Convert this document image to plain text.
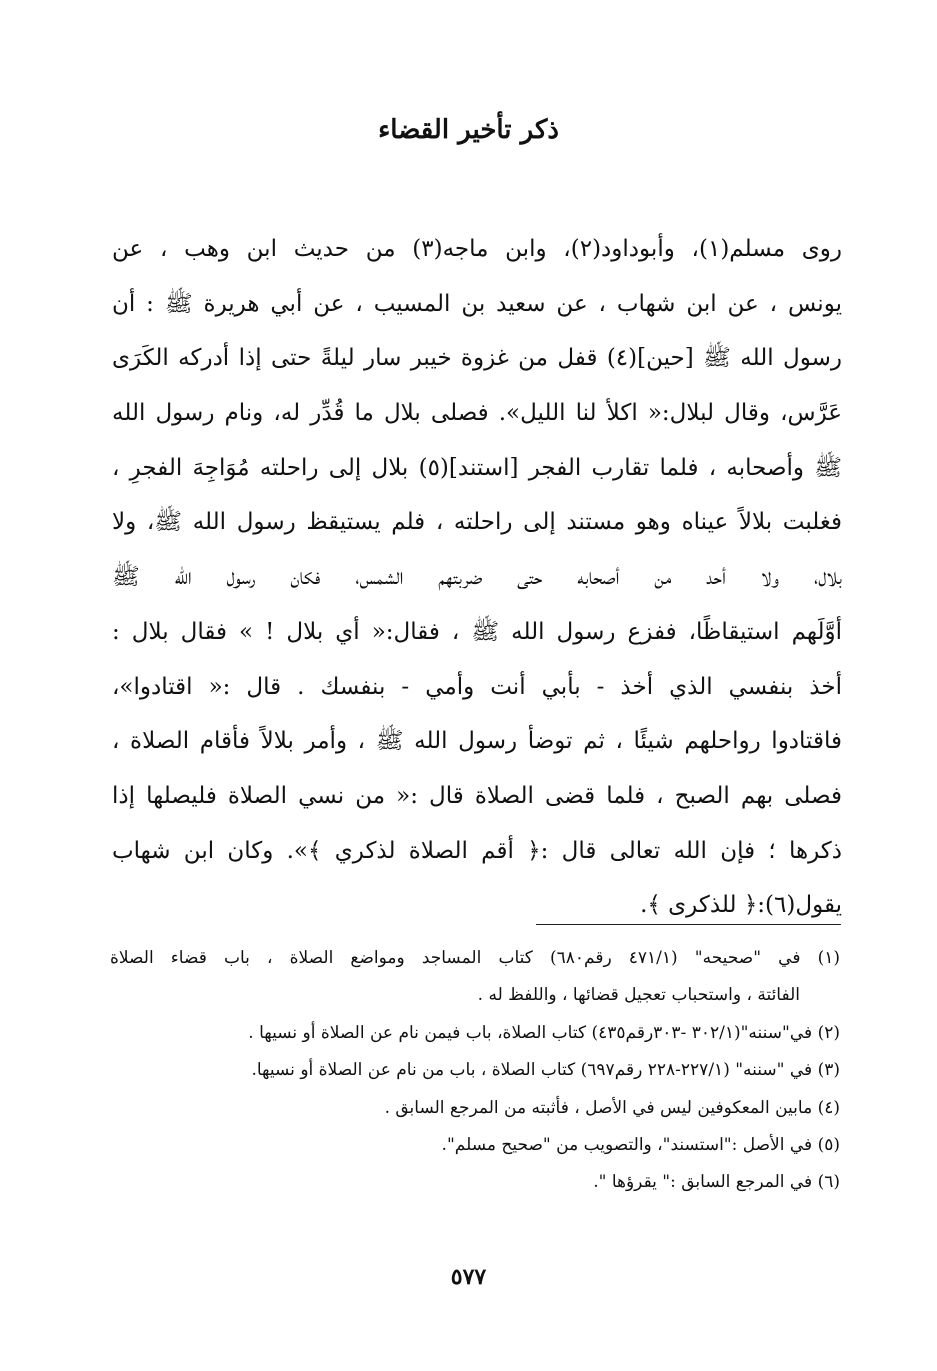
ذكر تأخير القضاء
روى مسلم(١)، وأبوداود(٢)، وابن ماجه(٣) من حديث ابن وهب ، عن
يونس ، عن ابن شهاب ، عن سعيد بن المسيب ، عن أبي هريرة ﷺ : أن
رسول الله ﷺ [حين](٤) قفل من غزوة خيبر سار ليلةً حتى إذا أدركه الكَرَى
عَرَّس، وقال لبلال:« اكلأ لنا الليل». فصلى بلال ما قُدِّر له، ونام رسول الله
ﷺ وأصحابه ، فلما تقارب الفجر [استند](٥) بلال إلى راحلته مُوَاجِهَ الفجرِ ،
فغلبت بلالاً عيناه وهو مستند إلى راحلته ، فلم يستيقظ رسول الله ﷺ، ولا
بلال، ولا أحد من أصحابه حتى ضربتهم الشمس، فكان رسول الله ﷺ
أوَّلَهم استيقاظًا، ففزع رسول الله ﷺ ، فقال:« أي بلال ! » فقال بلال :
أخذ بنفسي الذي أخذ - بأبي أنت وأمي - بنفسك . قال :« اقتادوا»،
فاقتادوا رواحلهم شيئًا ، ثم توضأ رسول الله ﷺ ، وأمر بلالاً فأقام الصلاة ،
فصلى بهم الصبح ، فلما قضى الصلاة قال :« من نسي الصلاة فليصلها إذا
ذكرها ؛ فإن الله تعالى قال :﴿ أقم الصلاة لذكري ﴾». وكان ابن شهاب
يقول(٦):﴿ للذكرى ﴾.
(١) في "صحيحه" (٤٧١/١ رقم٦٨٠) كتاب المساجد ومواضع الصلاة ، باب قضاء الصلاة
الفائتة ، واستحباب تعجيل قضائها ، واللفظ له .
(٢) في"سننه"(٣٠٢/١ -٣٠٣رقم٤٣٥) كتاب الصلاة، باب فيمن نام عن الصلاة أو نسيها .
(٣) في "سننه" (٢٢٧/١-٢٢٨ رقم٦٩٧) كتاب الصلاة ، باب من نام عن الصلاة أو نسيها.
(٤) مابين المعكوفين ليس في الأصل ، فأثبته من المرجع السابق .
(٥) في الأصل :"استسند"، والتصويب من "صحيح مسلم".
(٦) في المرجع السابق :" يقرؤها ".
٥٧٧
